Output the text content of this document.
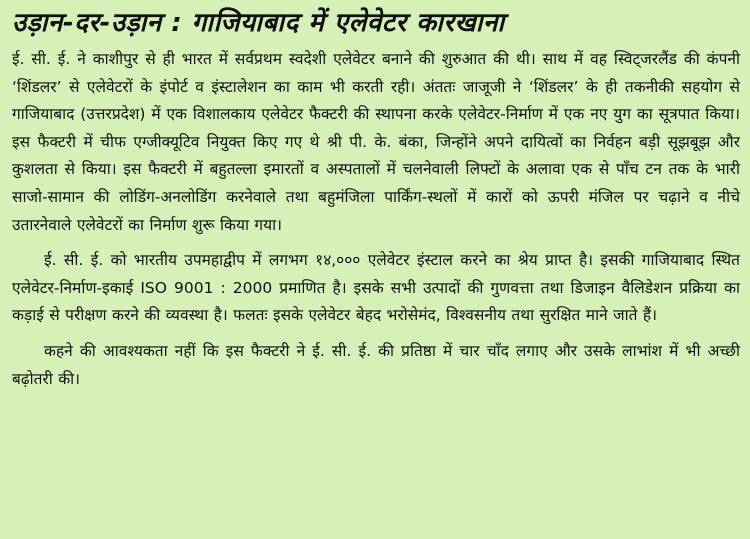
उड़ान-दर-उड़ान : गाजियाबाद में एलेवेटर कारखाना

ई. सी. ई. ने काशीपुर से ही भारत में सर्वप्रथम स्वदेशी एलेवेटर बनाने की शुरुआत की थी। साथ में वह स्विट्जरलैंड की कंपनी ‘शिंडलर’ से एलेवेटरों के इंपोर्ट व इंस्टालेशन का काम भी करती रही। अंततः जाजूजी ने ‘शिंडलर’ के ही तकनीकी सहयोग से गाजियाबाद (उत्तरप्रदेश) में एक विशालकाय एलेवेटर फैक्टरी की स्थापना करके एलेवेटर-निर्माण में एक नए युग का सूत्रपात किया। इस फैक्टरी में चीफ एग्जीक्यूटिव नियुक्त किए गए थे श्री पी. के. बंका, जिन्होंने अपने दायित्वों का निर्वहन बड़ी सूझबूझ और कुशलता से किया। इस फैक्टरी में बहुतल्ला इमारतों व अस्पतालों में चलनेवाली लिफ्टों के अलावा एक से पाँच टन तक के भारी साजो-सामान की लोडिंग-अनलोडिंग करनेवाले तथा बहुमंजिला पार्किंग-स्थलों में कारों को ऊपरी मंजिल पर चढ़ाने व नीचे उतारनेवाले एलेवेटरों का निर्माण शुरू किया गया।

ई. सी. ई. को भारतीय उपमहाद्वीप में लगभग १४,००० एलेवेटर इंस्टाल करने का श्रेय प्राप्त है। इसकी गाजियाबाद स्थित एलेवेटर-निर्माण-इकाई ISO 9001 : 2000 प्रमाणित है। इसके सभी उत्पादों की गुणवत्ता तथा डिजाइन वैलिडेशन प्रक्रिया का कड़ाई से परीक्षण करने की व्यवस्था है। फलतः इसके एलेवेटर बेहद भरोसेमंद, विश्वसनीय तथा सुरक्षित माने जाते हैं।

कहने की आवश्यकता नहीं कि इस फैक्टरी ने ई. सी. ई. की प्रतिष्ठा में चार चाँद लगाए और उसके लाभांश में भी अच्छी बढ़ोतरी की।
